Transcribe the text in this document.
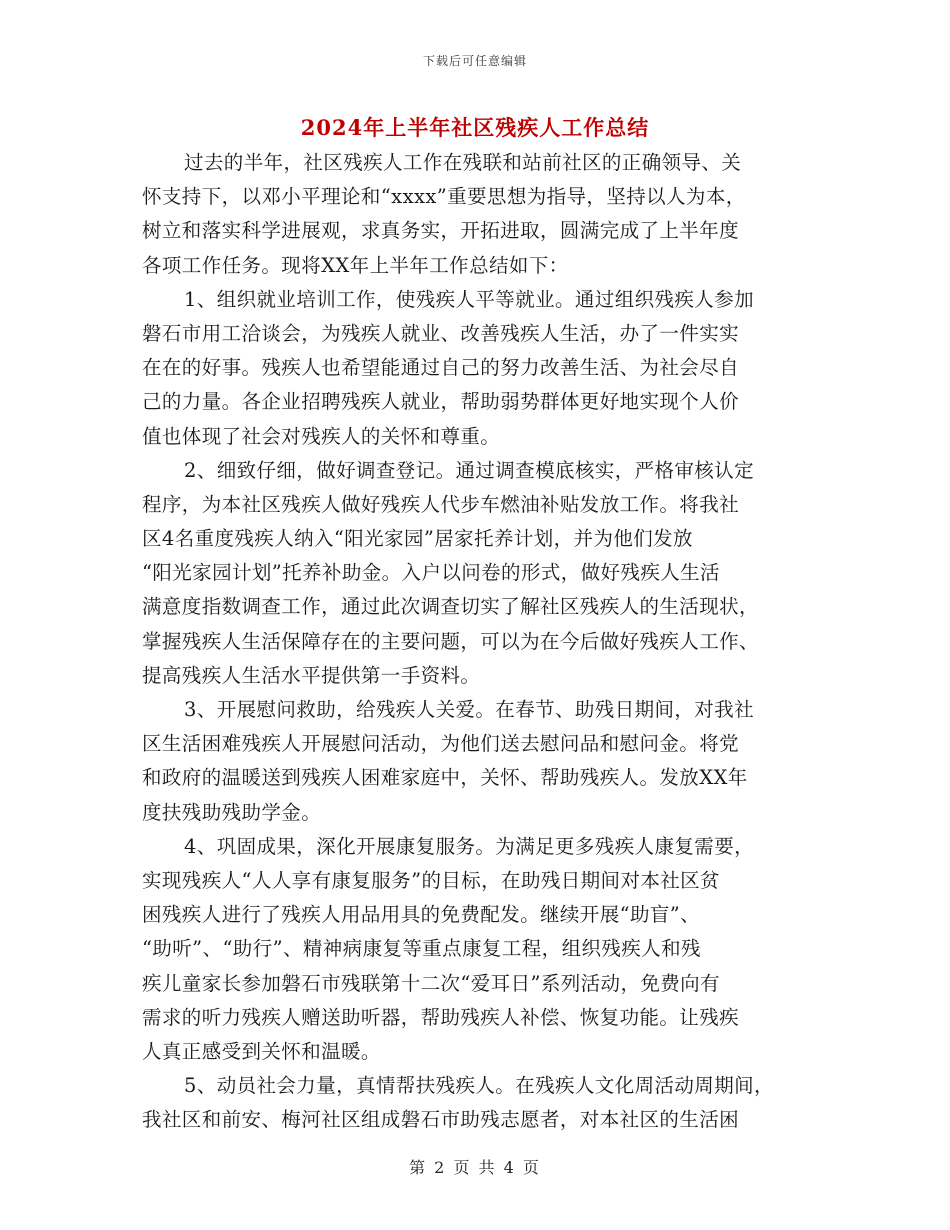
下载后可任意编辑
2024年上半年社区残疾人工作总结
过去的半年，社区残疾人工作在残联和站前社区的正确领导、关
怀支持下，以邓小平理论和“xxxx”重要思想为指导，坚持以人为本，
树立和落实科学进展观，求真务实，开拓进取，圆满完成了上半年度
各项工作任务。现将XX年上半年工作总结如下：
1、组织就业培训工作，使残疾人平等就业。通过组织残疾人参加
磐石市用工洽谈会，为残疾人就业、改善残疾人生活，办了一件实实
在在的好事。残疾人也希望能通过自己的努力改善生活、为社会尽自
己的力量。各企业招聘残疾人就业，帮助弱势群体更好地实现个人价
值也体现了社会对残疾人的关怀和尊重。
2、细致仔细，做好调查登记。通过调查模底核实，严格审核认定
程序，为本社区残疾人做好残疾人代步车燃油补贴发放工作。将我社
区4名重度残疾人纳入“阳光家园”居家托养计划，并为他们发放
“阳光家园计划”托养补助金。入户以问卷的形式，做好残疾人生活
满意度指数调查工作，通过此次调查切实了解社区残疾人的生活现状，
掌握残疾人生活保障存在的主要问题，可以为在今后做好残疾人工作、
提高残疾人生活水平提供第一手资料。
3、开展慰问救助，给残疾人关爱。在春节、助残日期间，对我社
区生活困难残疾人开展慰问活动，为他们送去慰问品和慰问金。将党
和政府的温暖送到残疾人困难家庭中，关怀、帮助残疾人。发放XX年
度扶残助残助学金。
4、巩固成果，深化开展康复服务。为满足更多残疾人康复需要，
实现残疾人“人人享有康复服务”的目标，在助残日期间对本社区贫
困残疾人进行了残疾人用品用具的免费配发。继续开展“助盲”、
“助听”、“助行”、精神病康复等重点康复工程，组织残疾人和残
疾儿童家长参加磐石市残联第十二次“爱耳日”系列活动，免费向有
需求的听力残疾人赠送助听器，帮助残疾人补偿、恢复功能。让残疾
人真正感受到关怀和温暖。
5、动员社会力量，真情帮扶残疾人。在残疾人文化周活动周期间，
我社区和前安、梅河社区组成磐石市助残志愿者，对本社区的生活困
第 2 页 共 4 页
